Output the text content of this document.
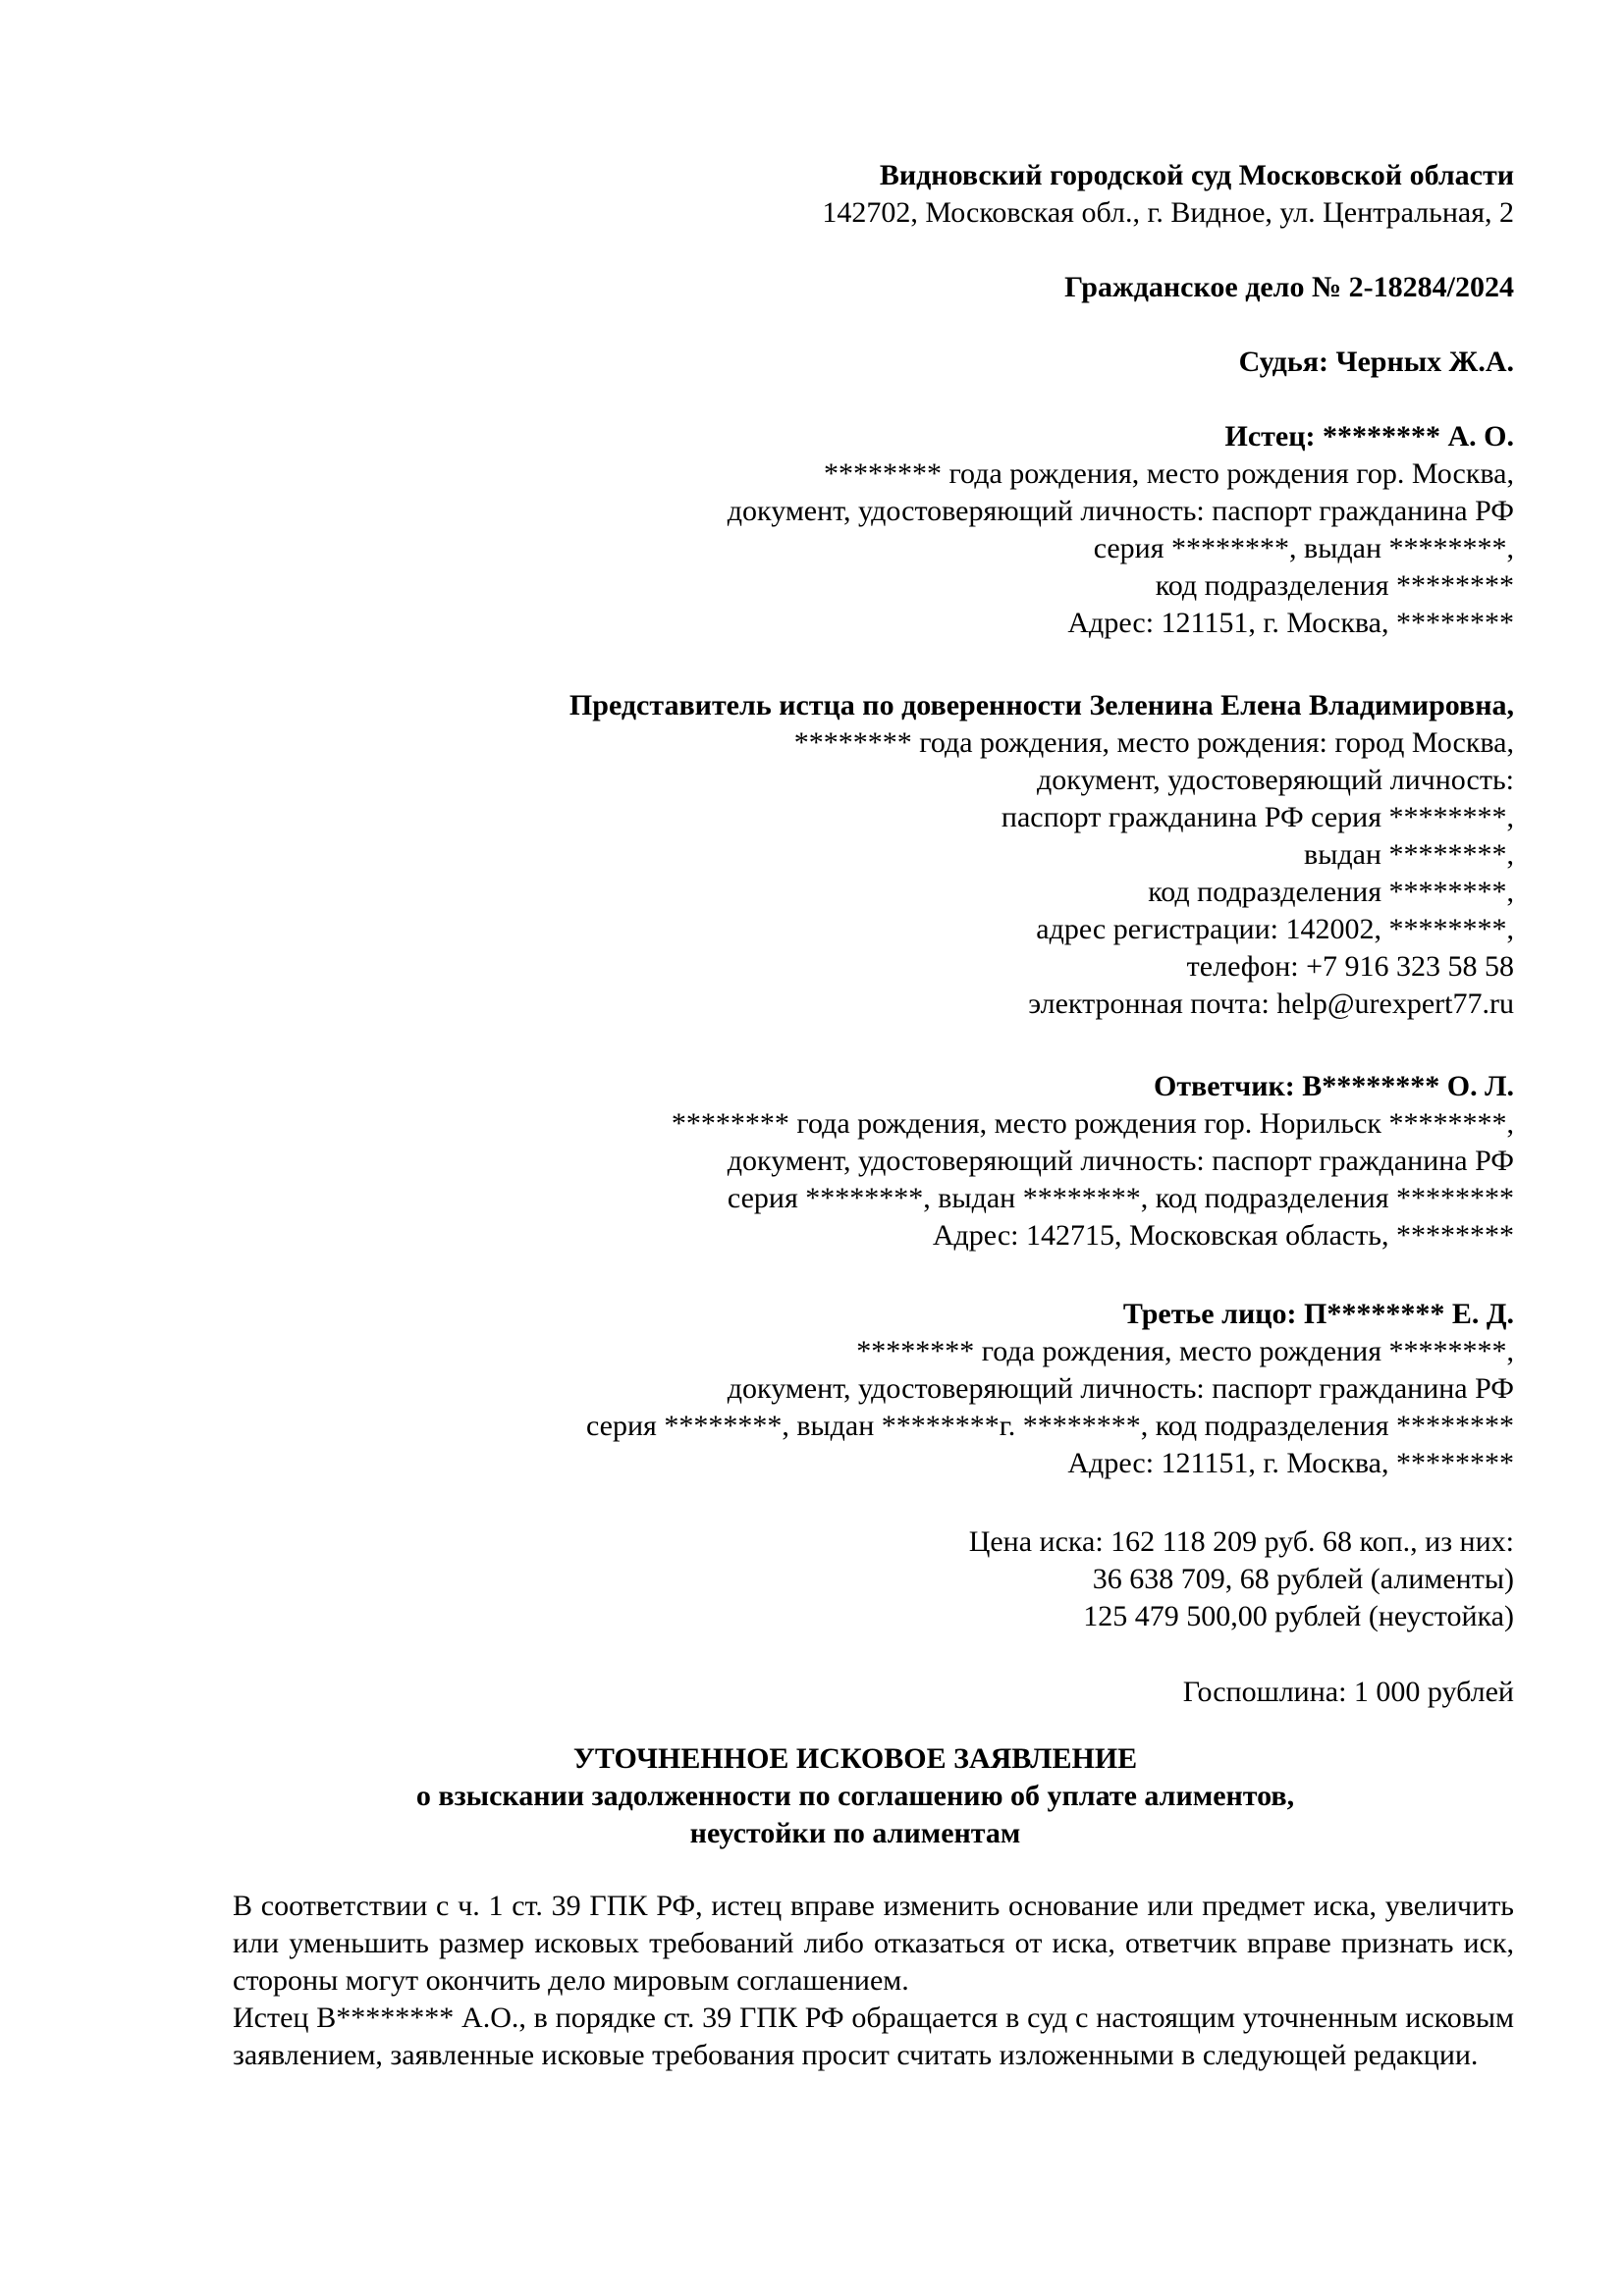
Видновский городской суд Московской области
142702, Московская обл., г. Видное, ул. Центральная, 2
Гражданское дело № 2-18284/2024
Судья: Черных Ж.А.
Истец: ******** А. О.
******** года рождения, место рождения гор. Москва,
документ, удостоверяющий личность: паспорт гражданина РФ
серия ********, выдан ********,
код подразделения ********
Адрес: 121151, г. Москва, ********
Представитель истца по доверенности Зеленина Елена Владимировна,
******** года рождения, место рождения: город Москва,
документ, удостоверяющий личность:
паспорт гражданина РФ серия ********,
выдан ********,
код подразделения ********,
адрес регистрации: 142002, ********,
телефон: +7 916 323 58 58
электронная почта: help@urexpert77.ru
Ответчик: В******** О. Л.
******** года рождения, место рождения гор. Норильск ********,
документ, удостоверяющий личность: паспорт гражданина РФ
серия ********, выдан ********, код подразделения ********
Адрес: 142715, Московская область, ********
Третье лицо: П******** Е. Д.
******** года рождения, место рождения ********,
документ, удостоверяющий личность: паспорт гражданина РФ
серия ********, выдан ********г. ********, код подразделения ********
Адрес: 121151, г. Москва, ********
Цена иска: 162 118 209 руб. 68 коп., из них:
36 638 709, 68 рублей (алименты)
125 479 500,00 рублей (неустойка)
Госпошлина: 1 000 рублей
УТОЧНЕННОЕ ИСКОВОЕ ЗАЯВЛЕНИЕ
о взыскании задолженности по соглашению об уплате алиментов,
неустойки по алиментам

В соответствии с ч. 1 ст. 39 ГПК РФ, истец вправе изменить основание или предмет иска, увеличить или уменьшить размер исковых требований либо отказаться от иска, ответчик вправе признать иск, стороны могут окончить дело мировым соглашением.

Истец В******** А.О., в порядке ст. 39 ГПК РФ обращается в суд с настоящим уточненным исковым заявлением, заявленные исковые требования просит считать изложенными в следующей редакции.
